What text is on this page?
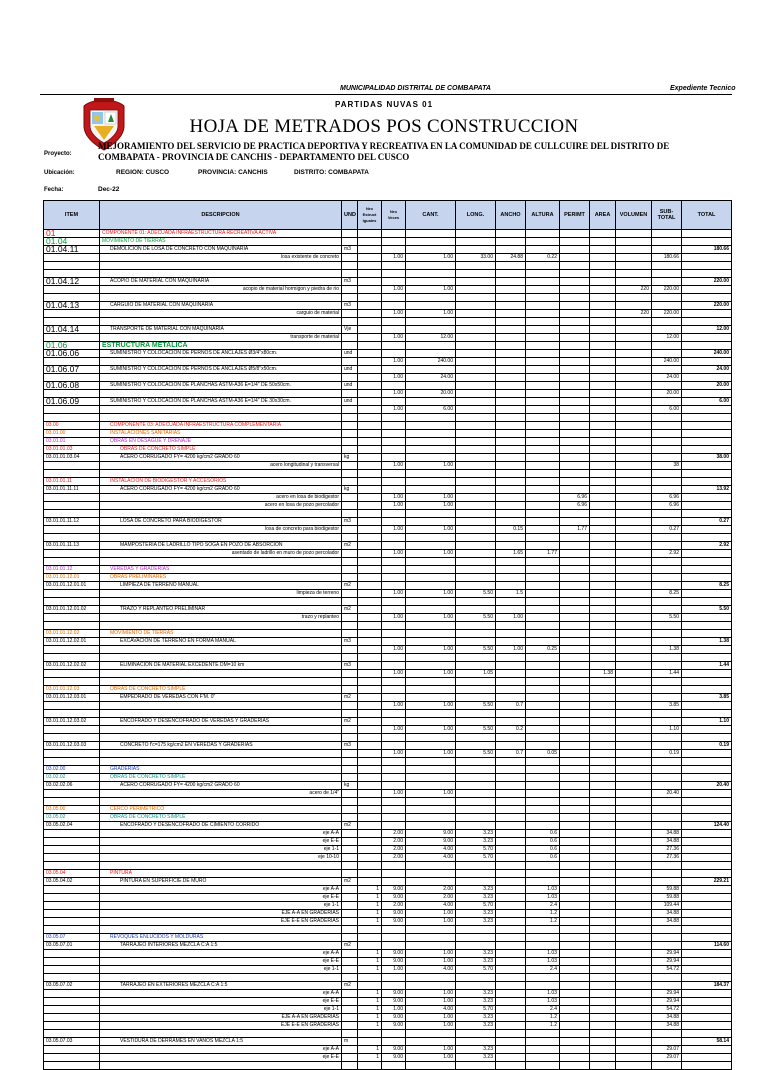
MUNICIPALIDAD DISTRITAL DE COMBAPATA	Expediente Tecnico
PARTIDAS NUVAS 01
HOJA DE METRADOS POS CONSTRUCCION
Proyecto:
MEJORAMIENTO DEL SERVICIO DE PRACTICA DEPORTIVA Y RECREATIVA EN LA COMUNIDAD DE CULLCUIRE DEL DISTRITO DE COMBAPATA - PROVINCIA DE CANCHIS - DEPARTAMENTO DEL CUSCO
Ubicación:	REGION: CUSCO	PROVINCIA: CANCHIS	DISTRITO: COMBAPATA
Fecha:	Dec-22
ITEM	DESCRIPCION	UND	Nro Estruct Iguales	Nro Veces	CANT.	LONG.	ANCHO	ALTURA	PERIMT	AREA	VOLUMEN	SUB-TOTAL	TOTAL
01	COMPONENTE 01: ADECUADA INFRAESTRUCTURA RECREATIVA ACTIVA												
01.04	MOVIMIENTO DE TIERRAS												
01.04.11	DEMOLICION DE LOSA DE CONCRETO CON MAQUINARIA	m3											180.66
	losa existente de concreto			1.00	1.00	33.00	24.88	0.22				180.66	

01.04.12	ACOPIO DE MATERIAL CON MAQUINARIA	m3											220.00
	acopio de material hormigon y piedra de rio			1.00	1.00						220	220.00	

01.04.13	CARGUIO DE MATERIAL CON MAQUINARIA	m3											220.00
	carguio de material			1.00	1.00						220	220.00	

01.04.14	TRANSPORTE DE MATERIAL CON MAQUINARIA	Vje											12.00
	transporte de material			1.00	12.00							12.00	
01.06	ESTRUCTURA METALICA												
01.06.06	SUMINISTRO Y COLOCACION DE PERNOS DE ANCLAJES Ø3/4"x80cm.	und											240.00
				1.00	240.00							240.00	
01.06.07	SUMINISTRO Y COLOCACION DE PERNOS DE ANCLAJES Ø5/8"x50cm.	und											24.00
				1.00	24.00							24.00	
01.06.08	SUMINISTRO Y COLOCACION DE PLANCHAS ASTM-A36 E=1/4" DE 50x50cm.	und											20.00
				1.00	20.00							20.00	
01.06.09	SUMINISTRO Y COLOCACION DE PLANCHAS ASTM-A36 E=1/4" DE 30x30cm.	und											6.00
				1.00	6.00							6.00	

03.00	COMPONENTE 03: ADECUADA INFRAESTRUCTURA COMPLEMENTARIA												
03.01.00	INSTALACIONES SANITARIAS												
03.01.01	OBRAS EN DESAGUE Y DRENAJE												
03.01.01.03	OBRAS DE CONCRETO SIMPLE												
03.01.01.03.04	ACERO CORRUGADO FY= 4200 kg/cm2 GRADO 60	kg											38.00
	acero longitudinal y transversal			1.00	1.00							38	

03.01.01.11	INSTALACION DE BIODIGESTOR Y ACCESORIOS												
03.01.01.11.11	ACERO CORRUGADO FY= 4200 kg/cm2 GRADO 60	kg											13.92
	acero en losa de biodigestor			1.00	1.00				6.96			6.96	
	acero en losa de pozo percolador			1.00	1.00				6.96			6.96	

03.01.01.11.12	LOSA DE CONCRETO PARA BIODIGESTOR	m3											0.27
	losa de concreto para biodigestor			1.00	1.00		0.15		1.77			0.27	

03.01.01.11.13	MAMPOSTERIA DE LADRILLO TIPO SOGA EN POZO DE ABSORCION	m2											2.92
	asentado de ladrillo en muro de pozo percolador			1.00	1.00		1.65	1.77				2.92	

03.01.01.12	VEREDAS Y GRADERIAS												
03.01.01.12.01	OBRAS PRELIMINARES												
03.01.01.12.01.01	LIMPIEZA DE TERRENO MANUAL	m2											8.25
	limpieza de terreno			1.00	1.00	5.50	1.5					8.25	

03.01.01.12.01.02	TRAZO Y REPLANTEO PRELIMINAR	m2											5.50
	trazo y replanteo			1.00	1.00	5.50	1.00					5.50	

03.01.01.12.02	MOVIMIENTO DE TIERRAS												
03.01.01.12.02.01	EXCAVACION DE TERRENO EN FORMA MANUAL	m3											1.38
				1.00	1.00	5.50	1.00	0.25				1.38	

03.01.01.12.02.02	ELIMINACION DE MATERIAL EXCEDENTE DM=10 km	m3											1.44
				1.00	1.00	1.05				1.38		1.44	

03.01.01.12.03	OBRAS DE CONCRETO SIMPLE												
03.01.01.12.03.01	EMPEDRADO DE VEREDAS CON F'M. 0"	m2											3.85
				1.00	1.00	5.50	0.7					3.85	

03.01.01.12.03.02	ENCOFRADO Y DESENCOFRADO DE VEREDAS Y GRADERIAS	m2											1.10
				1.00	1.00	5.50	0.2					1.10	

03.01.01.12.03.03	CONCRETO f'c=175 kg/cm2 EN VEREDAS Y GRADERIAS	m3											0.19
				1.00	1.00	5.50	0.7	0.05				0.19	

03.02.00	GRADERIAS												
03.02.02	OBRAS DE CONCRETO SIMPLE												
03.02.02.06	ACERO CORRUGADO FY= 4200 kg/cm2 GRADO 60	kg											20.40
	acero de 1/4"			1.00	1.00							20.40	

03.05.00	CERCO PERIMETRICO												
03.05.02	OBRAS DE CONCRETO SIMPLE												
03.05.02.04	ENCOFRADO Y DESENCOFRADO DE CIMIENTO CORRIDO	m2											124.40
	eje A-A			2.00	9.00	3.23		0.6				34.88	
	eje E-E			2.00	9.00	3.23		0.6				34.88	
	eje 1-1			2.00	4.00	5.70		0.6				27.36	
	eje 10-10			2.00	4.00	5.70		0.6				27.36	

03.05.04	PINTURA												
03.05.04.02	PINTURA EN SUPERFICIE DE MURO	m2											229.21
	eje A-A		1	9.00	2.00	3.23		1.03				59.88	
	eje E-E		1	9.00	2.00	3.23		1.03				59.88	
	eje 1-1		1	2.00	4.00	5.70		2.4				109.44	
	EJE A-A EN GRADERIAS		1	9.00	1.00	3.23		1.2				34.88	
	EJE E-E EN GRADERIAS		1	9.00	1.00	3.23		1.2				34.88	

03.05.07	REVOQUES ENLUCIDOS Y MOLDURAS												
03.05.07.01	TARRAJEO INTERIORES MEZCLA C:A 1:5	m2											114.60
	eje A-A		1	9.00	1.00	3.23		1.03				29.94	
	eje E-E		1	9.00	1.00	3.23		1.03				29.94	
	eje 1-1		1	1.00	4.00	5.70		2.4				54.72	

03.05.07.02	TARRAJEO EN EXTERIORES MEZCLA C:A 1:5	m2											184.37
	eje A-A		1	9.00	1.00	3.23		1.03				29.94	
	eje E-E		1	9.00	1.00	3.23		1.03				29.94	
	eje 1-1		1	1.00	4.00	5.70		2.4				54.72	
	EJE A-A EN GRADERIAS		1	9.00	1.00	3.23		1.2				34.88	
	EJE E-E EN GRADERIAS		1	9.00	1.00	3.23		1.2				34.88	

03.05.07.03	VESTIDURA DE DERRAMES EN VANOS MEZCLA 1:5	m											58.14
	eje A-A		1	9.00	1.00	3.23						29.07	
	eje E-E		1	9.00	1.00	3.23						29.07	
